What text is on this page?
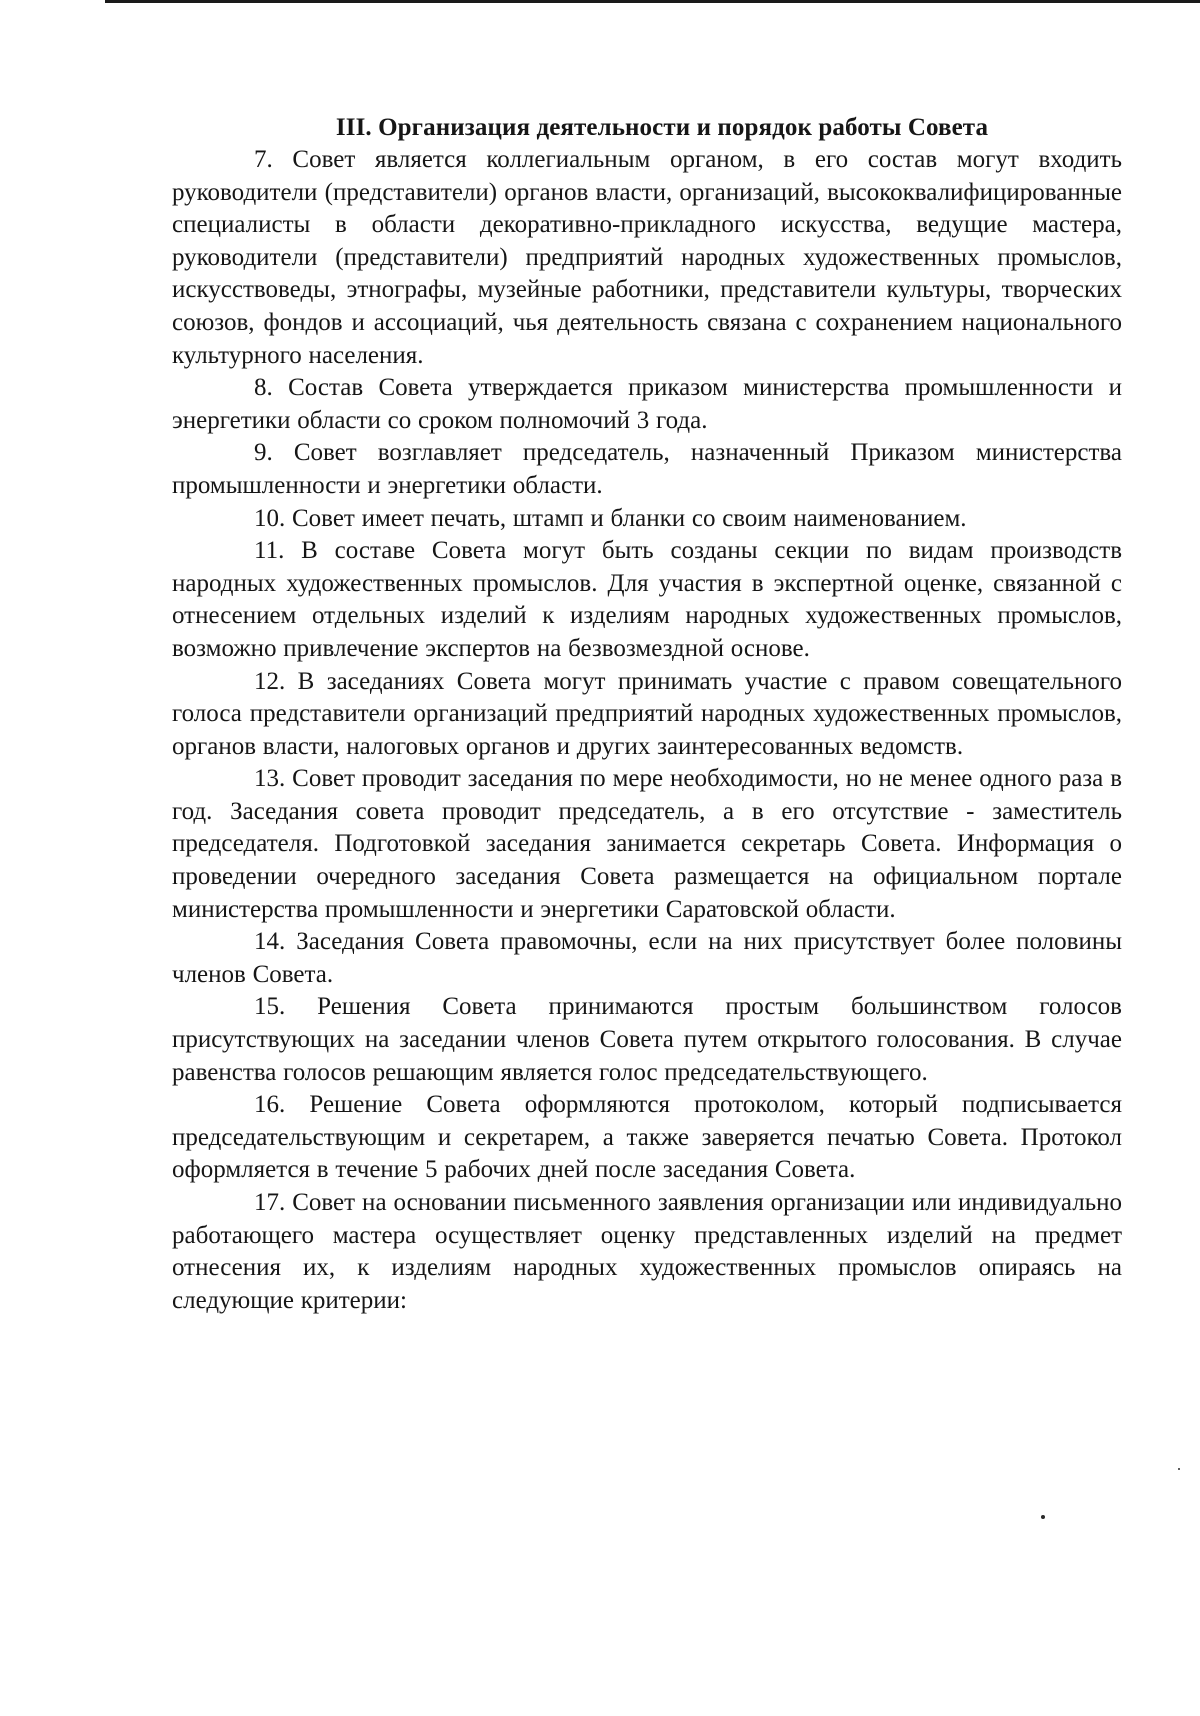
III. Организация деятельности и порядок работы Совета

7. Совет является коллегиальным органом, в его состав могут входить руководители (представители) органов власти, организаций, высококвалифицированные специалисты в области декоративно-прикладного искусства, ведущие мастера, руководители (представители) предприятий народных художественных промыслов, искусствоведы, этнографы, музейные работники, представители культуры, творческих союзов, фондов и ассоциаций, чья деятельность связана с сохранением национального культурного населения.

8. Состав Совета утверждается приказом министерства промышленности и энергетики области со сроком полномочий 3 года.

9. Совет возглавляет председатель, назначенный Приказом министерства промышленности и энергетики области.

10. Совет имеет печать, штамп и бланки со своим наименованием.

11. В составе Совета могут быть созданы секции по видам производств народных художественных промыслов. Для участия в экспертной оценке, связанной с отнесением отдельных изделий к изделиям народных художественных промыслов, возможно привлечение экспертов на безвозмездной основе.

12. В заседаниях Совета могут принимать участие с правом совещательного голоса представители организаций предприятий народных художественных промыслов, органов власти, налоговых органов и других заинтересованных ведомств.

13. Совет проводит заседания по мере необходимости, но не менее одного раза в год. Заседания совета проводит председатель, а в его отсутствие - заместитель председателя. Подготовкой заседания занимается секретарь Совета. Информация о проведении очередного заседания Совета размещается на официальном портале министерства промышленности и энергетики Саратовской области.

14. Заседания Совета правомочны, если на них присутствует более половины членов Совета.

15. Решения Совета принимаются простым большинством голосов присутствующих на заседании членов Совета путем открытого голосования. В случае равенства голосов решающим является голос председательствующего.

16. Решение Совета оформляются протоколом, который подписывается председательствующим и секретарем, а также заверяется печатью Совета. Протокол оформляется в течение 5 рабочих дней после заседания Совета.

17. Совет на основании письменного заявления организации или индивидуально работающего мастера осуществляет оценку представленных изделий на предмет отнесения их, к изделиям народных художественных промыслов опираясь на следующие критерии:
